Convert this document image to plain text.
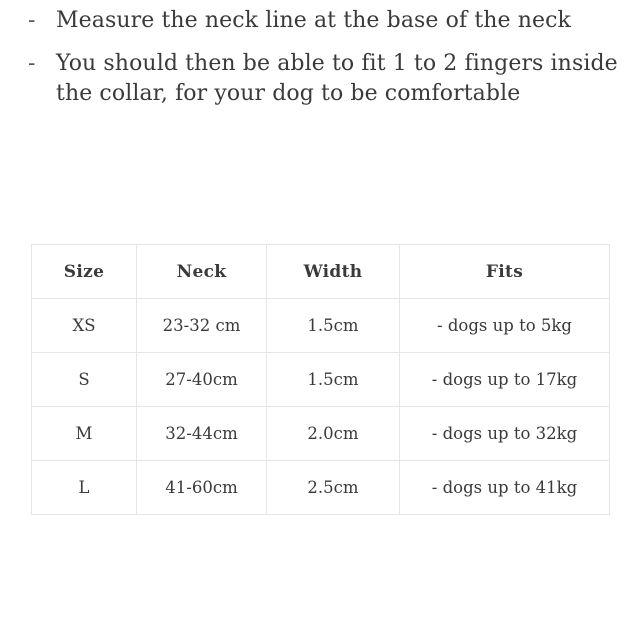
- Measure the neck line at the base of the neck
- You should then be able to fit 1 to 2 fingers inside the collar, for your dog to be comfortable
Size	Neck	Width	Fits
XS	23-32 cm	1.5cm	- dogs up to 5kg
S	27-40cm	1.5cm	- dogs up to 17kg
M	32-44cm	2.0cm	- dogs up to 32kg
L	41-60cm	2.5cm	- dogs up to 41kg
